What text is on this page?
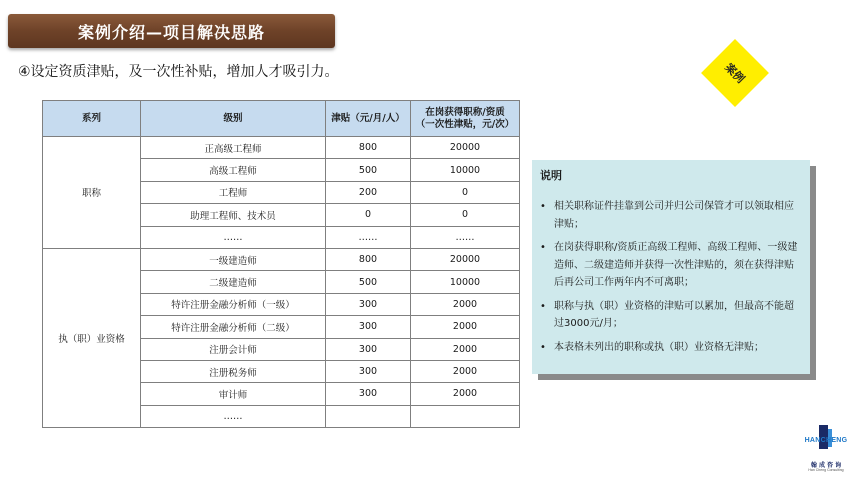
案例介绍—项目解决思路
④设定资质津贴，及一次性补贴，增加人才吸引力。	案例
系列	级别	津贴（元/月/人）	在岗获得职称/资质
（一次性津贴，元/次）
职称	正高级工程师	800	20000
	高级工程师	500	10000
	工程师	200	0
	助理工程师、技术员	0	0
	……	……	……
执（职）业资格	一级建造师	800	20000
	二级建造师	500	10000
	特许注册金融分析师（一级）	300	2000
	特许注册金融分析师（二级）	300	2000
	注册会计师	300	2000
	注册税务师	300	2000
	审计师	300	2000
	……		
说明
• 相关职称证件挂靠到公司并归公司保管才可以领取相应津贴；
• 在岗获得职称/资质正高级工程师、高级工程师、一级建造师、二级建造师并获得一次性津贴的，须在获得津贴后再公司工作两年内不可离职；
• 职称与执（职）业资格的津贴可以累加，但最高不能超过3000元/月；
• 本表格未列出的职称或执（职）业资格无津贴；
HANCHENG
翰 成 咨 询
Han Cheng Consulting
